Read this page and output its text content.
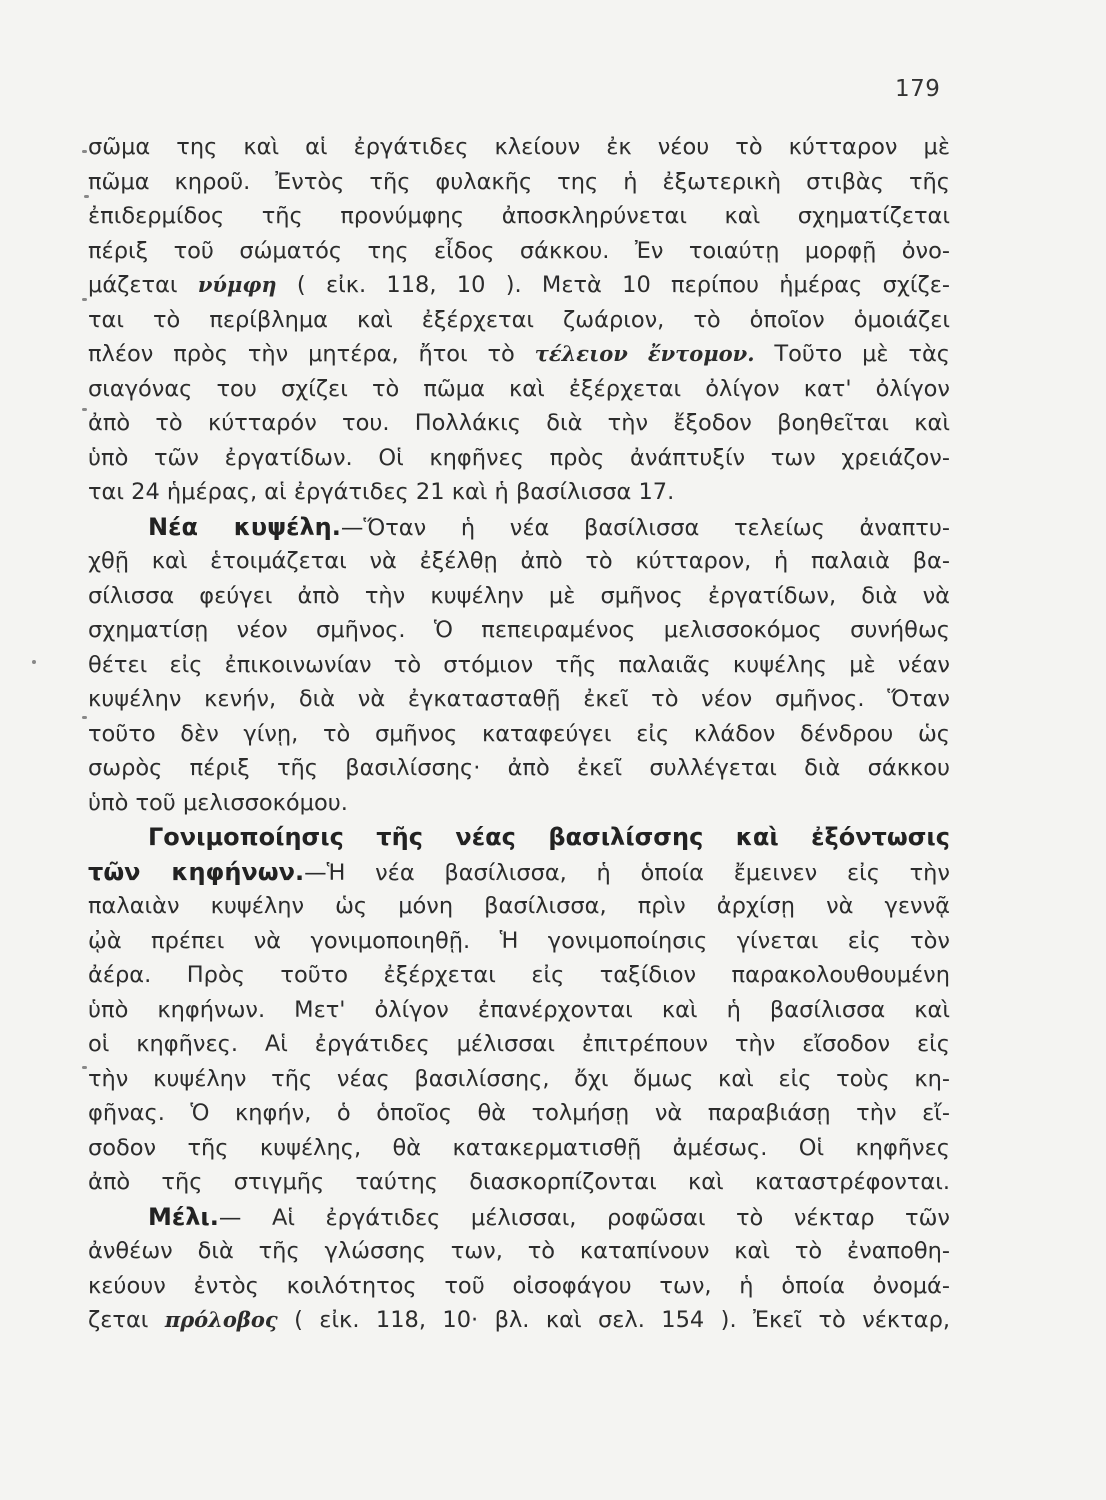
179
σῶμα της καὶ αἱ ἐργάτιδες κλείουν ἐκ νέου τὸ κύτταρον μὲ
πῶμα κηροῦ. Ἐντὸς τῆς φυλακῆς της ἡ ἐξωτερικὴ στιβὰς τῆς
ἐπιδερμίδος τῆς προνύμφης ἀποσκληρύνεται καὶ σχηματίζεται
πέριξ τοῦ σώματός της εἶδος σάκκου. Ἐν τοιαύτῃ μορφῇ ὀνο-
μάζεται νύμφη ( εἰκ. 118, 10 ). Μετὰ 10 περίπου ἡμέρας σχίζε-
ται τὸ περίβλημα καὶ ἐξέρχεται ζωάριον, τὸ ὁποῖον ὁμοιάζει
πλέον πρὸς τὴν μητέρα, ἤτοι τὸ τέλειον ἔντομον. Τοῦτο μὲ τὰς
σιαγόνας του σχίζει τὸ πῶμα καὶ ἐξέρχεται ὀλίγον κατ' ὀλίγον
ἀπὸ τὸ κύτταρόν του. Πολλάκις διὰ τὴν ἔξοδον βοηθεῖται καὶ
ὑπὸ τῶν ἐργατίδων. Οἱ κηφῆνες πρὸς ἀνάπτυξίν των χρειάζον-
ται 24 ἡμέρας, αἱ ἐργάτιδες 21 καὶ ἡ βασίλισσα 17.
Νέα κυψέλη.—Ὅταν ἡ νέα βασίλισσα τελείως ἀναπτυ-
χθῇ καὶ ἑτοιμάζεται νὰ ἐξέλθῃ ἀπὸ τὸ κύτταρον, ἡ παλαιὰ βα-
σίλισσα φεύγει ἀπὸ τὴν κυψέλην μὲ σμῆνος ἐργατίδων, διὰ νὰ
σχηματίσῃ νέον σμῆνος. Ὁ πεπειραμένος μελισσοκόμος συνήθως
θέτει εἰς ἐπικοινωνίαν τὸ στόμιον τῆς παλαιᾶς κυψέλης μὲ νέαν
κυψέλην κενήν, διὰ νὰ ἐγκατασταθῇ ἐκεῖ τὸ νέον σμῆνος. Ὅταν
τοῦτο δὲν γίνῃ, τὸ σμῆνος καταφεύγει εἰς κλάδον δένδρου ὡς
σωρὸς πέριξ τῆς βασιλίσσης· ἀπὸ ἐκεῖ συλλέγεται διὰ σάκκου
ὑπὸ τοῦ μελισσοκόμου.
Γονιμοποίησις τῆς νέας βασιλίσσης καὶ ἐξόντωσις
τῶν κηφήνων.—Ἡ νέα βασίλισσα, ἡ ὁποία ἔμεινεν εἰς τὴν
παλαιὰν κυψέλην ὡς μόνη βασίλισσα, πρὶν ἀρχίσῃ νὰ γεννᾷ
ᾠὰ πρέπει νὰ γονιμοποιηθῇ. Ἡ γονιμοποίησις γίνεται εἰς τὸν
ἀέρα. Πρὸς τοῦτο ἐξέρχεται εἰς ταξίδιον παρακολουθουμένη
ὑπὸ κηφήνων. Μετ' ὀλίγον ἐπανέρχονται καὶ ἡ βασίλισσα καὶ
οἱ κηφῆνες. Αἱ ἐργάτιδες μέλισσαι ἐπιτρέπουν τὴν εἴσοδον εἰς
τὴν κυψέλην τῆς νέας βασιλίσσης, ὄχι ὅμως καὶ εἰς τοὺς κη-
φῆνας. Ὁ κηφήν, ὁ ὁποῖος θὰ τολμήσῃ νὰ παραβιάσῃ τὴν εἴ-
σοδον τῆς κυψέλης, θὰ κατακερματισθῇ ἀμέσως. Οἱ κηφῆνες
ἀπὸ τῆς στιγμῆς ταύτης διασκορπίζονται καὶ καταστρέφονται.
Μέλι.— Αἱ ἐργάτιδες μέλισσαι, ροφῶσαι τὸ νέκταρ τῶν
ἀνθέων διὰ τῆς γλώσσης των, τὸ καταπίνουν καὶ τὸ ἐναποθη-
κεύουν ἐντὸς κοιλότητος τοῦ οἰσοφάγου των, ἡ ὁποία ὀνομά-
ζεται πρόλοβος ( εἰκ. 118, 10· βλ. καὶ σελ. 154 ). Ἐκεῖ τὸ νέκταρ,
